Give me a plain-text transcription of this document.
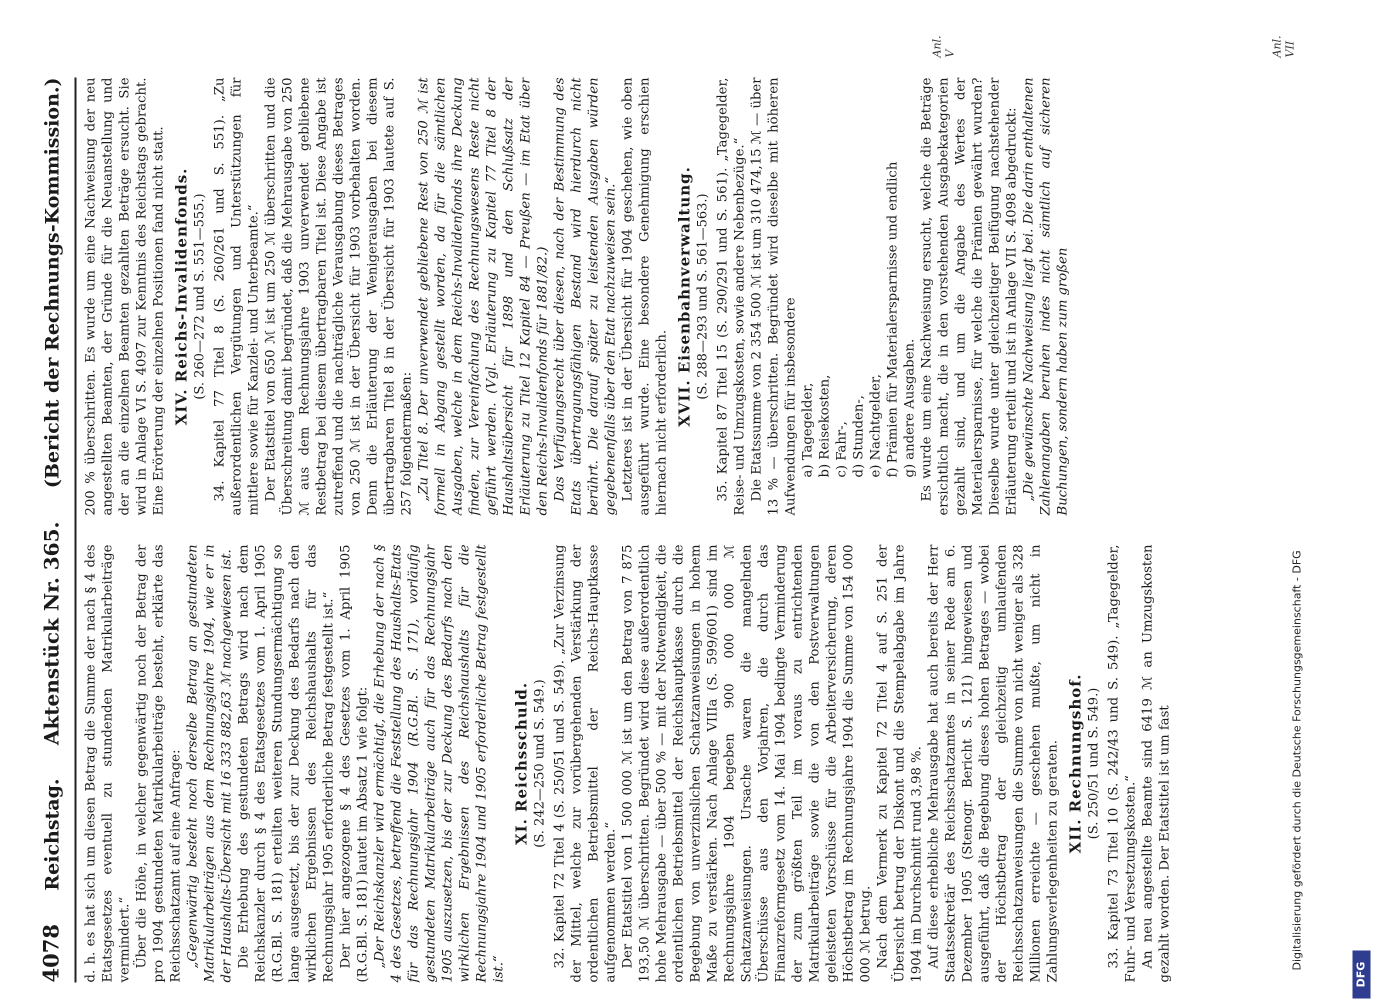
4078
Reichstag.
Aktenstück Nr. 365.
(Bericht der Rechnungs-Kommission.)

d. h. es hat sich um diesen Betrag die Summe der nach § 4 des Etatsgesetzes eventuell zu stundenden Matrikularbeiträge vermindert.“ Über die Höhe, in welcher gegenwärtig noch der Betrag der pro 1904 gestundeten Matrikularbeiträge besteht, erklärte das Reichsschatzamt auf eine Anfrage: „Gegenwärtig besteht noch derselbe Betrag an gestundeten Matrikularbeiträgen aus dem Rechnungsjahre 1904, wie er in der Haushalts-Übersicht mit 16 333 882,63 ℳ nachgewiesen ist. Die Erhebung des gestundeten Betrags wird nach dem Reichskanzler durch § 4 des Etatsgesetzes vom 1. April 1905 (R.G.Bl. S. 181) erteilten weiteren Stundungsermächtigung so lange ausgesetzt, bis der zur Deckung des Bedarfs nach den wirklichen Ergebnissen des Reichshaushalts für das Rechnungsjahr 1905 erforderliche Betrag festgestellt ist.“ Der hier angezogene § 4 des Gesetzes vom 1. April 1905 (R.G.Bl. S. 181) lautet im Absatz 1 wie folgt: „Der Reichskanzler wird ermächtigt, die Erhebung der nach § 4 des Gesetzes, betreffend die Feststellung des Haushalts-Etats für das Rechnungsjahr 1904 (R.G.Bl. S. 171), vorläufig gestundeten Matrikularbeiträge auch für das Rechnungsjahr 1905 auszusetzen, bis der zur Deckung des Bedarfs nach den wirklichen Ergebnissen des Reichshaushalts für die Rechnungsjahre 1904 und 1905 erforderliche Betrag festgestellt ist.“

XI. Reichsschuld. (S. 242—250 und S. 549.) 32. Kapitel 72 Titel 4 (S. 250/51 und S. 549). „Zur Verzinsung der Mittel, welche zur vorübergehenden Verstärkung der ordentlichen Betriebsmittel der Reichs-Hauptkasse aufgenommen werden.“ Der Etatstitel von 1 500 000 ℳ ist um den Betrag von 7 875 193,50 ℳ überschritten. Begründet wird diese außerordentlich hohe Mehrausgabe — über 500 % — mit der Notwendigkeit, die ordentlichen Betriebsmittel der Reichshauptkasse durch die Begebung von unverzinslichen Schatzanweisungen in hohem Maße zu verstärken. Nach Anlage VIIIa (S. 599/601) sind im Rechnungsjahre 1904 begeben 900 000 000 ℳ Schatzanweisungen. Ursache waren die mangelnden Überschüsse aus den Vorjahren, die durch das Finanzreformgesetz vom 14. Mai 1904 bedingte Verminderung der zum größten Teil im voraus zu entrichtenden Matrikularbeiträge sowie die von den Postverwaltungen geleisteten Vorschüsse für die Arbeiterversicherung, deren Höchstbetrag im Rechnungsjahre 1904 die Summe von 154 000 000 ℳ betrug. Nach dem Vermerk zu Kapitel 72 Titel 4 auf S. 251 der Übersicht betrug der Diskont und die Stempelabgabe im Jahre 1904 im Durchschnitt rund 3,98 %. Auf diese erhebliche Mehrausgabe hat auch bereits der Herr Staatssekretär des Reichsschatzamtes in seiner Rede am 6. Dezember 1905 (Stenogr. Bericht S. 121) hingewiesen und ausgeführt, daß die Begebung dieses hohen Betrages — wobei der Höchstbetrag der gleichzeitig umlaufenden Reichsschatzanweisungen die Summe von nicht weniger als 328 Millionen erreichte — geschehen mußte, um nicht in Zahlungsverlegenheiten zu geraten. XII. Rechnungshof. (S. 250/51 und S. 549.) 33. Kapitel 73 Titel 10 (S. 242/43 und S. 549). „Tagegelder, Fuhr- und Versetzungskosten.“ An neu angestellte Beamte sind 6419 ℳ an Umzugskosten gezahlt worden. Der Etatstitel ist um fast

200 % überschritten. Es wurde um eine Nachweisung der neu angestellten Beamten, der Gründe für die Neuanstellung und der an die einzelnen Beamten gezahlten Beträge ersucht. Sie wird in Anlage VI S. 4097 zur Kenntnis des Reichstags gebracht. Eine Erörterung der einzelnen Positionen fand nicht statt. XIV. Reichs-Invalidenfonds. (S. 260—272 und S. 551—555.) 34. Kapitel 77 Titel 8 (S. 260/261 und S. 551). „Zu außerordentlichen Vergütungen und Unterstützungen für mittlere sowie für Kanzlei- und Unterbeamte.“ Der Etatstitel von 650 ℳ ist um 250 ℳ überschritten und die Überschreitung damit begründet, daß die Mehrausgabe von 250 ℳ aus dem Rechnungsjahre 1903 unverwendet gebliebene Restbetrag bei diesem übertragbaren Titel ist. Diese Angabe ist zutreffend und die nachträgliche Verausgabung dieses Betrages von 250 ℳ ist in der Übersicht für 1903 vorbehalten worden. Denn die Erläuterung der Wenigerausgaben bei diesem übertragbaren Titel 8 in der Übersicht für 1903 lautete auf S. 257 folgendermaßen: „Zu Titel 8. Der unverwendet gebliebene Rest von 250 ℳ ist formell in Abgang gestellt worden, da für die sämtlichen Ausgaben, welche in dem Reichs-Invalidenfonds ihre Deckung finden, zur Vereinfachung des Rechnungswesens Reste nicht geführt werden. (Vgl. Erläuterung zu Kapitel 77 Titel 8 der Haushaltsübersicht für 1898 und den Schlußsatz der Erläuterung zu Titel 12 Kapitel 84 — Preußen — im Etat über den Reichs-Invalidenfonds für 1881/82.) Das Verfügungsrecht über diesen, nach der Bestimmung des Etats übertragungsfähigen Bestand wird hierdurch nicht berührt. Die darauf später zu leistenden Ausgaben würden gegebenenfalls über den Etat nachzuweisen sein.“ Letzteres ist in der Übersicht für 1904 geschehen, wie oben ausgeführt wurde. Eine besondere Genehmigung erschien hiernach nicht erforderlich. XVII. Eisenbahnverwaltung. (S. 288—293 und S. 561—563.) 35. Kapitel 87 Titel 15 (S. 290/291 und S. 561). „Tagegelder, Reise- und Umzugskosten, sowie andere Nebenbezüge.“ Die Etatssumme von 2 354 500 ℳ ist um 310 474,15 ℳ — über 13 % — überschritten. Begründet wird dieselbe mit höheren Aufwendungen für insbesondere a) Tagegelder, b) Reisekosten, c) Fahr-, d) Stunden-, e) Nachtgelder, f) Prämien für Materialersparnisse und endlich g) andere Ausgaben. Es wurde um eine Nachweisung ersucht, welche die Beträge ersichtlich macht, die in den vorstehenden Ausgabekategorien gezahlt sind, und um die Angabe des Wertes der Materialersparnisse, für welche die Prämien gewährt wurden? Dieselbe wurde unter gleichzeitiger Beifügung nachstehender Erläuterung erteilt und ist in Anlage VII S. 4098 abgedruckt: „Die gewünschte Nachweisung liegt bei. Die darin enthaltenen Zahlenangaben beruhen indes nicht sämtlich auf sicheren Buchungen, sondern haben zum großen

Anl. V	Anl. VII
Digitalisierung gefördert durch die Deutsche Forschungsgemeinschaft - DFG
DFG
